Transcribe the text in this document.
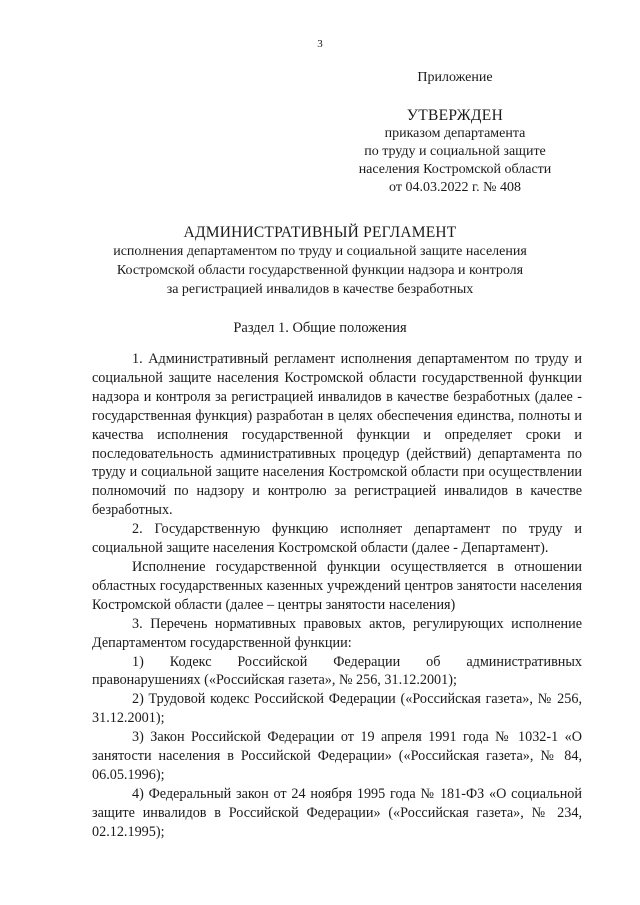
3
Приложение
УТВЕРЖДЕН
приказом департамента
по труду и социальной защите
населения Костромской области
от 04.03.2022 г. № 408
АДМИНИСТРАТИВНЫЙ РЕГЛАМЕНТ
исполнения департаментом по труду и социальной защите населения
Костромской области государственной функции надзора и контроля
за регистрацией инвалидов в качестве безработных
Раздел 1. Общие положения

1. Административный регламент исполнения департаментом по труду и социальной защите населения Костромской области государственной функции надзора и контроля за регистрацией инвалидов в качестве безработных (далее - государственная функция) разработан в целях обеспечения единства, полноты и качества исполнения государственной функции и определяет сроки и последовательность административных процедур (действий) департамента по труду и социальной защите населения Костромской области при осуществлении полномочий по надзору и контролю за регистрацией инвалидов в качестве безработных.

2. Государственную функцию исполняет департамент по труду и социальной защите населения Костромской области (далее - Департамент).

Исполнение государственной функции осуществляется в отношении областных государственных казенных учреждений центров занятости населения Костромской области (далее – центры занятости населения)

3. Перечень нормативных правовых актов, регулирующих исполнение Департаментом государственной функции:

1) Кодекс Российской Федерации об административных правонарушениях («Российская газета», № 256, 31.12.2001);

2) Трудовой кодекс Российской Федерации («Российская газета», № 256, 31.12.2001);

3) Закон Российской Федерации от 19 апреля 1991 года № 1032-1 «О занятости населения в Российской Федерации» («Российская газета», № 84, 06.05.1996);

4) Федеральный закон от 24 ноября 1995 года № 181-ФЗ «О социальной защите инвалидов в Российской Федерации» («Российская газета», № 234, 02.12.1995);
